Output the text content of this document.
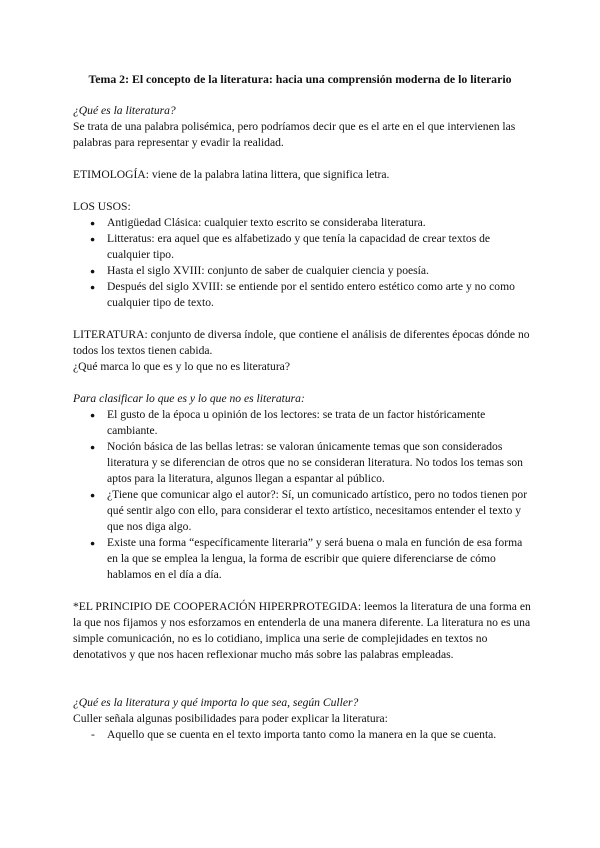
Tema 2: El concepto de la literatura: hacia una comprensión moderna de lo literario

¿Qué es la literatura?

Se trata de una palabra polisémica, pero podríamos decir que es el arte en el que intervienen las palabras para representar y evadir la realidad.

ETIMOLOGÍA: viene de la palabra latina littera, que significa letra.

LOS USOS:

● Antigüedad Clásica: cualquier texto escrito se consideraba literatura.
● Litteratus: era aquel que es alfabetizado y que tenía la capacidad de crear textos de cualquier tipo.
● Hasta el siglo XVIII: conjunto de saber de cualquier ciencia y poesía.
● Después del siglo XVIII: se entiende por el sentido entero estético como arte y no como cualquier tipo de texto.

LITERATURA: conjunto de diversa índole, que contiene el análisis de diferentes épocas dónde no todos los textos tienen cabida.

¿Qué marca lo que es y lo que no es literatura?

Para clasificar lo que es y lo que no es literatura:

● El gusto de la época u opinión de los lectores: se trata de un factor históricamente cambiante.
● Noción básica de las bellas letras: se valoran únicamente temas que son considerados literatura y se diferencian de otros que no se consideran literatura. No todos los temas son aptos para la literatura, algunos llegan a espantar al público.
● ¿Tiene que comunicar algo el autor?: Sí, un comunicado artístico, pero no todos tienen por qué sentir algo con ello, para considerar el texto artístico, necesitamos entender el texto y que nos diga algo.
● Existe una forma “específicamente literaria” y será buena o mala en función de esa forma en la que se emplea la lengua, la forma de escribir que quiere diferenciarse de cómo hablamos en el día a día.
*EL PRINCIPIO DE COOPERACIÓN HIPERPROTEGIDA: leemos la literatura de una forma en la que nos fijamos y nos esforzamos en entenderla de una manera diferente. La literatura no es una simple comunicación, no es lo cotidiano, implica una serie de complejidades en textos no denotativos y que nos hacen reflexionar mucho más sobre las palabras empleadas.

¿Qué es la literatura y qué importa lo que sea, según Culler?

Culler señala algunas posibilidades para poder explicar la literatura:

- Aquello que se cuenta en el texto importa tanto como la manera en la que se cuenta.
